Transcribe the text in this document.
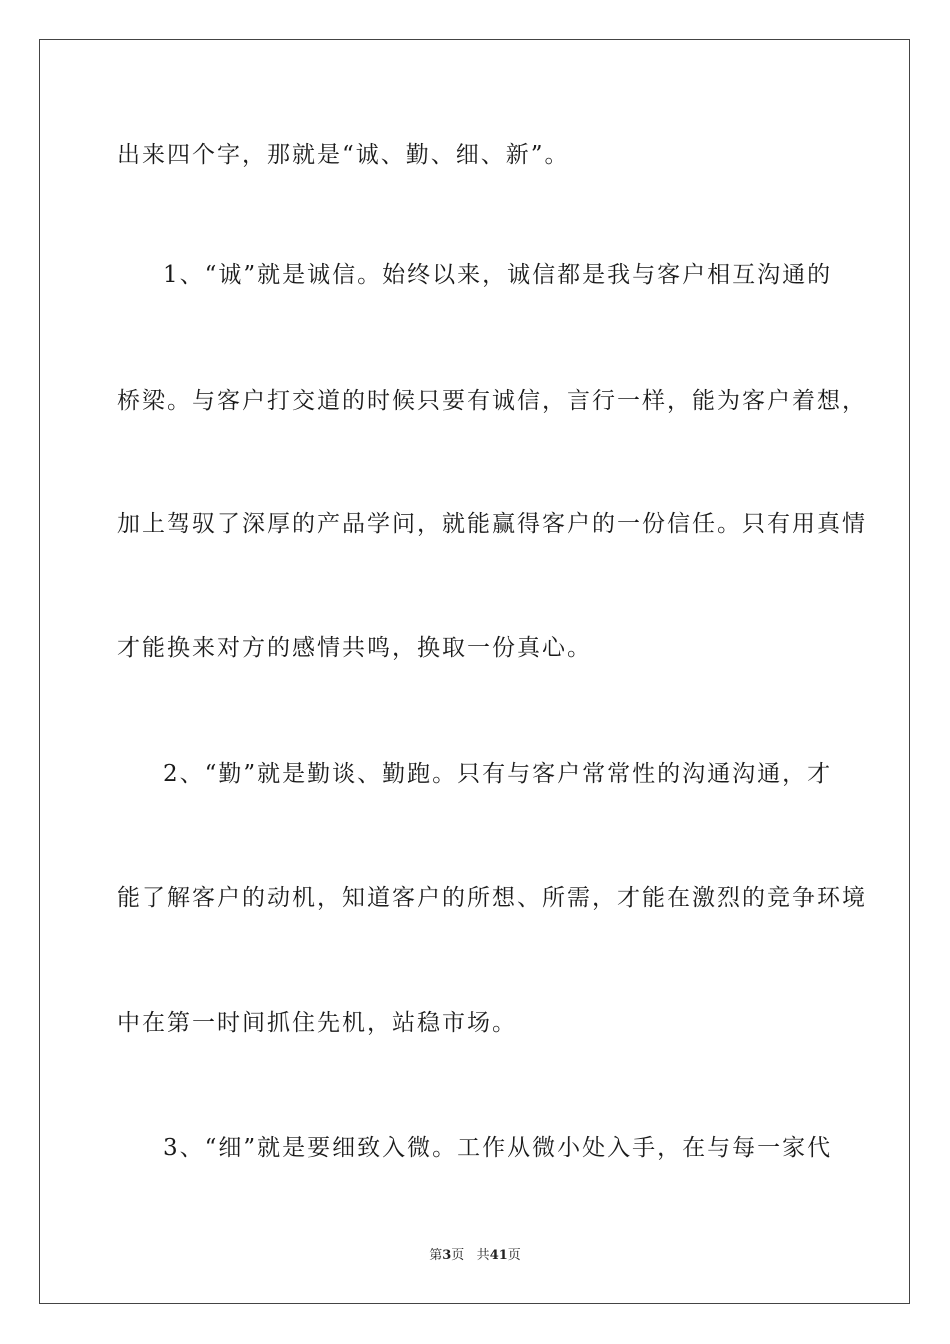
出来四个字，那就是“诚、勤、细、新”。
1、“诚”就是诚信。始终以来，诚信都是我与客户相互沟通的
桥梁。与客户打交道的时候只要有诚信，言行一样，能为客户着想，
加上驾驭了深厚的产品学问，就能赢得客户的一份信任。只有用真情
才能换来对方的感情共鸣，换取一份真心。
2、“勤”就是勤谈、勤跑。只有与客户常常性的沟通沟通，才
能了解客户的动机，知道客户的所想、所需，才能在激烈的竞争环境
中在第一时间抓住先机，站稳市场。
3、“细”就是要细致入微。工作从微小处入手，在与每一家代
第3页 共41页
